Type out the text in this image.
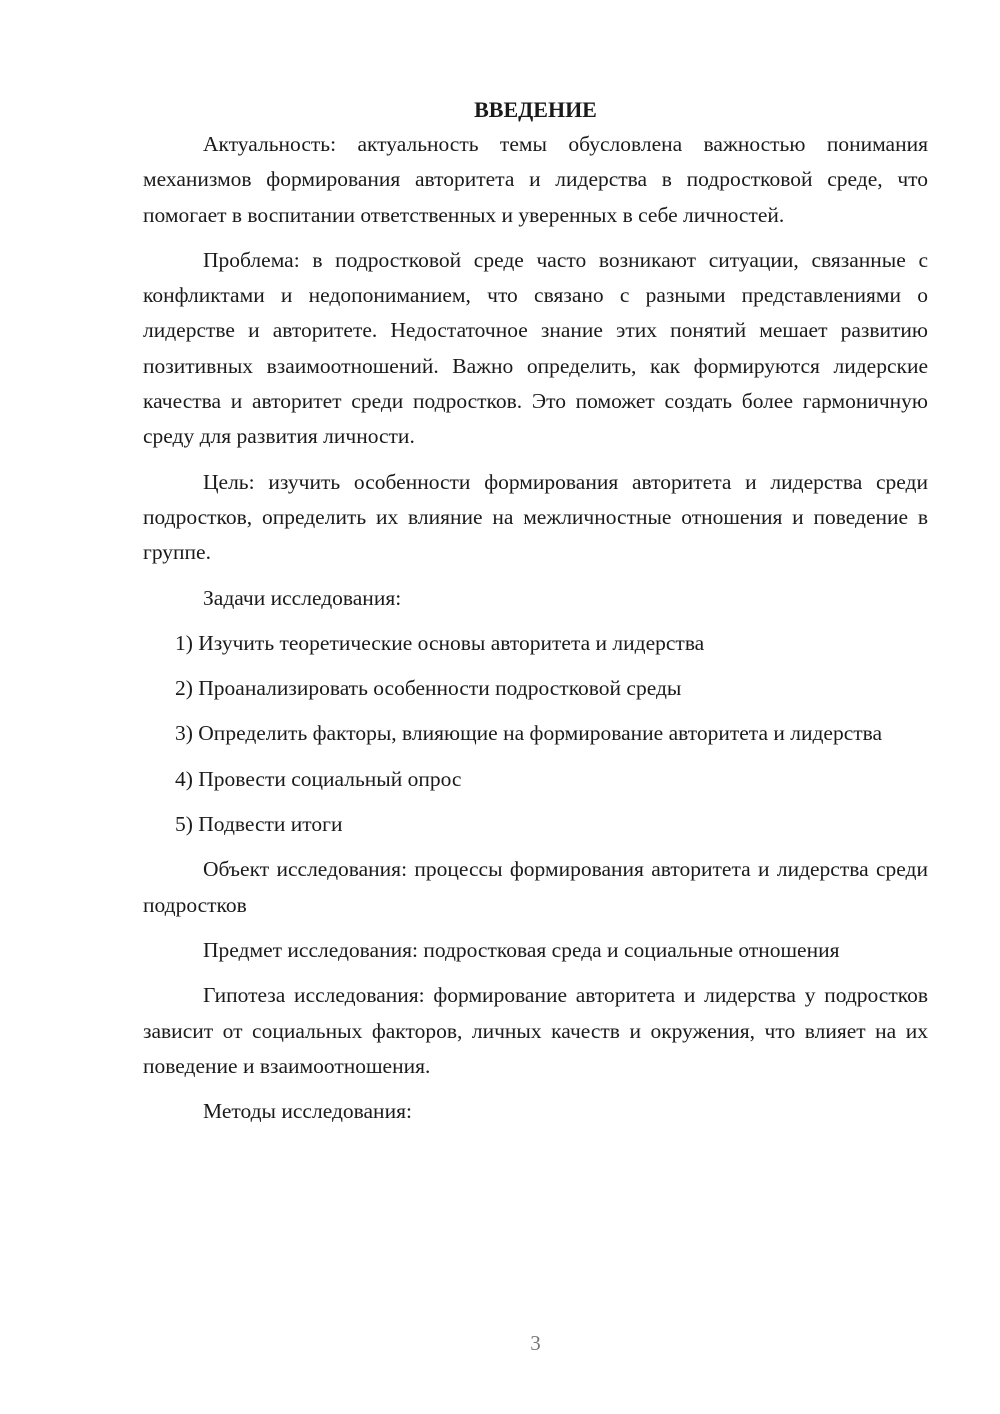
ВВЕДЕНИЕ

Актуальность: актуальность темы обусловлена важностью понимания механизмов формирования авторитета и лидерства в подростковой среде, что помогает в воспитании ответственных и уверенных в себе личностей.

Проблема: в подростковой среде часто возникают ситуации, связанные с конфликтами и недопониманием, что связано с разными представлениями о лидерстве и авторитете. Недостаточное знание этих понятий мешает развитию позитивных взаимоотношений. Важно определить, как формируются лидерские качества и авторитет среди подростков. Это поможет создать более гармоничную среду для развития личности.

Цель: изучить особенности формирования авторитета и лидерства среди подростков, определить их влияние на межличностные отношения и поведение в группе.

Задачи исследования:

1) Изучить теоретические основы авторитета и лидерства

2) Проанализировать особенности подростковой среды

3) Определить факторы, влияющие на формирование авторитета и лидерства

4) Провести социальный опрос

5) Подвести итоги

Объект исследования: процессы формирования авторитета и лидерства среди подростков

Предмет исследования: подростковая среда и социальные отношения

Гипотеза исследования: формирование авторитета и лидерства у подростков зависит от социальных факторов, личных качеств и окружения, что влияет на их поведение и взаимоотношения.

Методы исследования:

3
